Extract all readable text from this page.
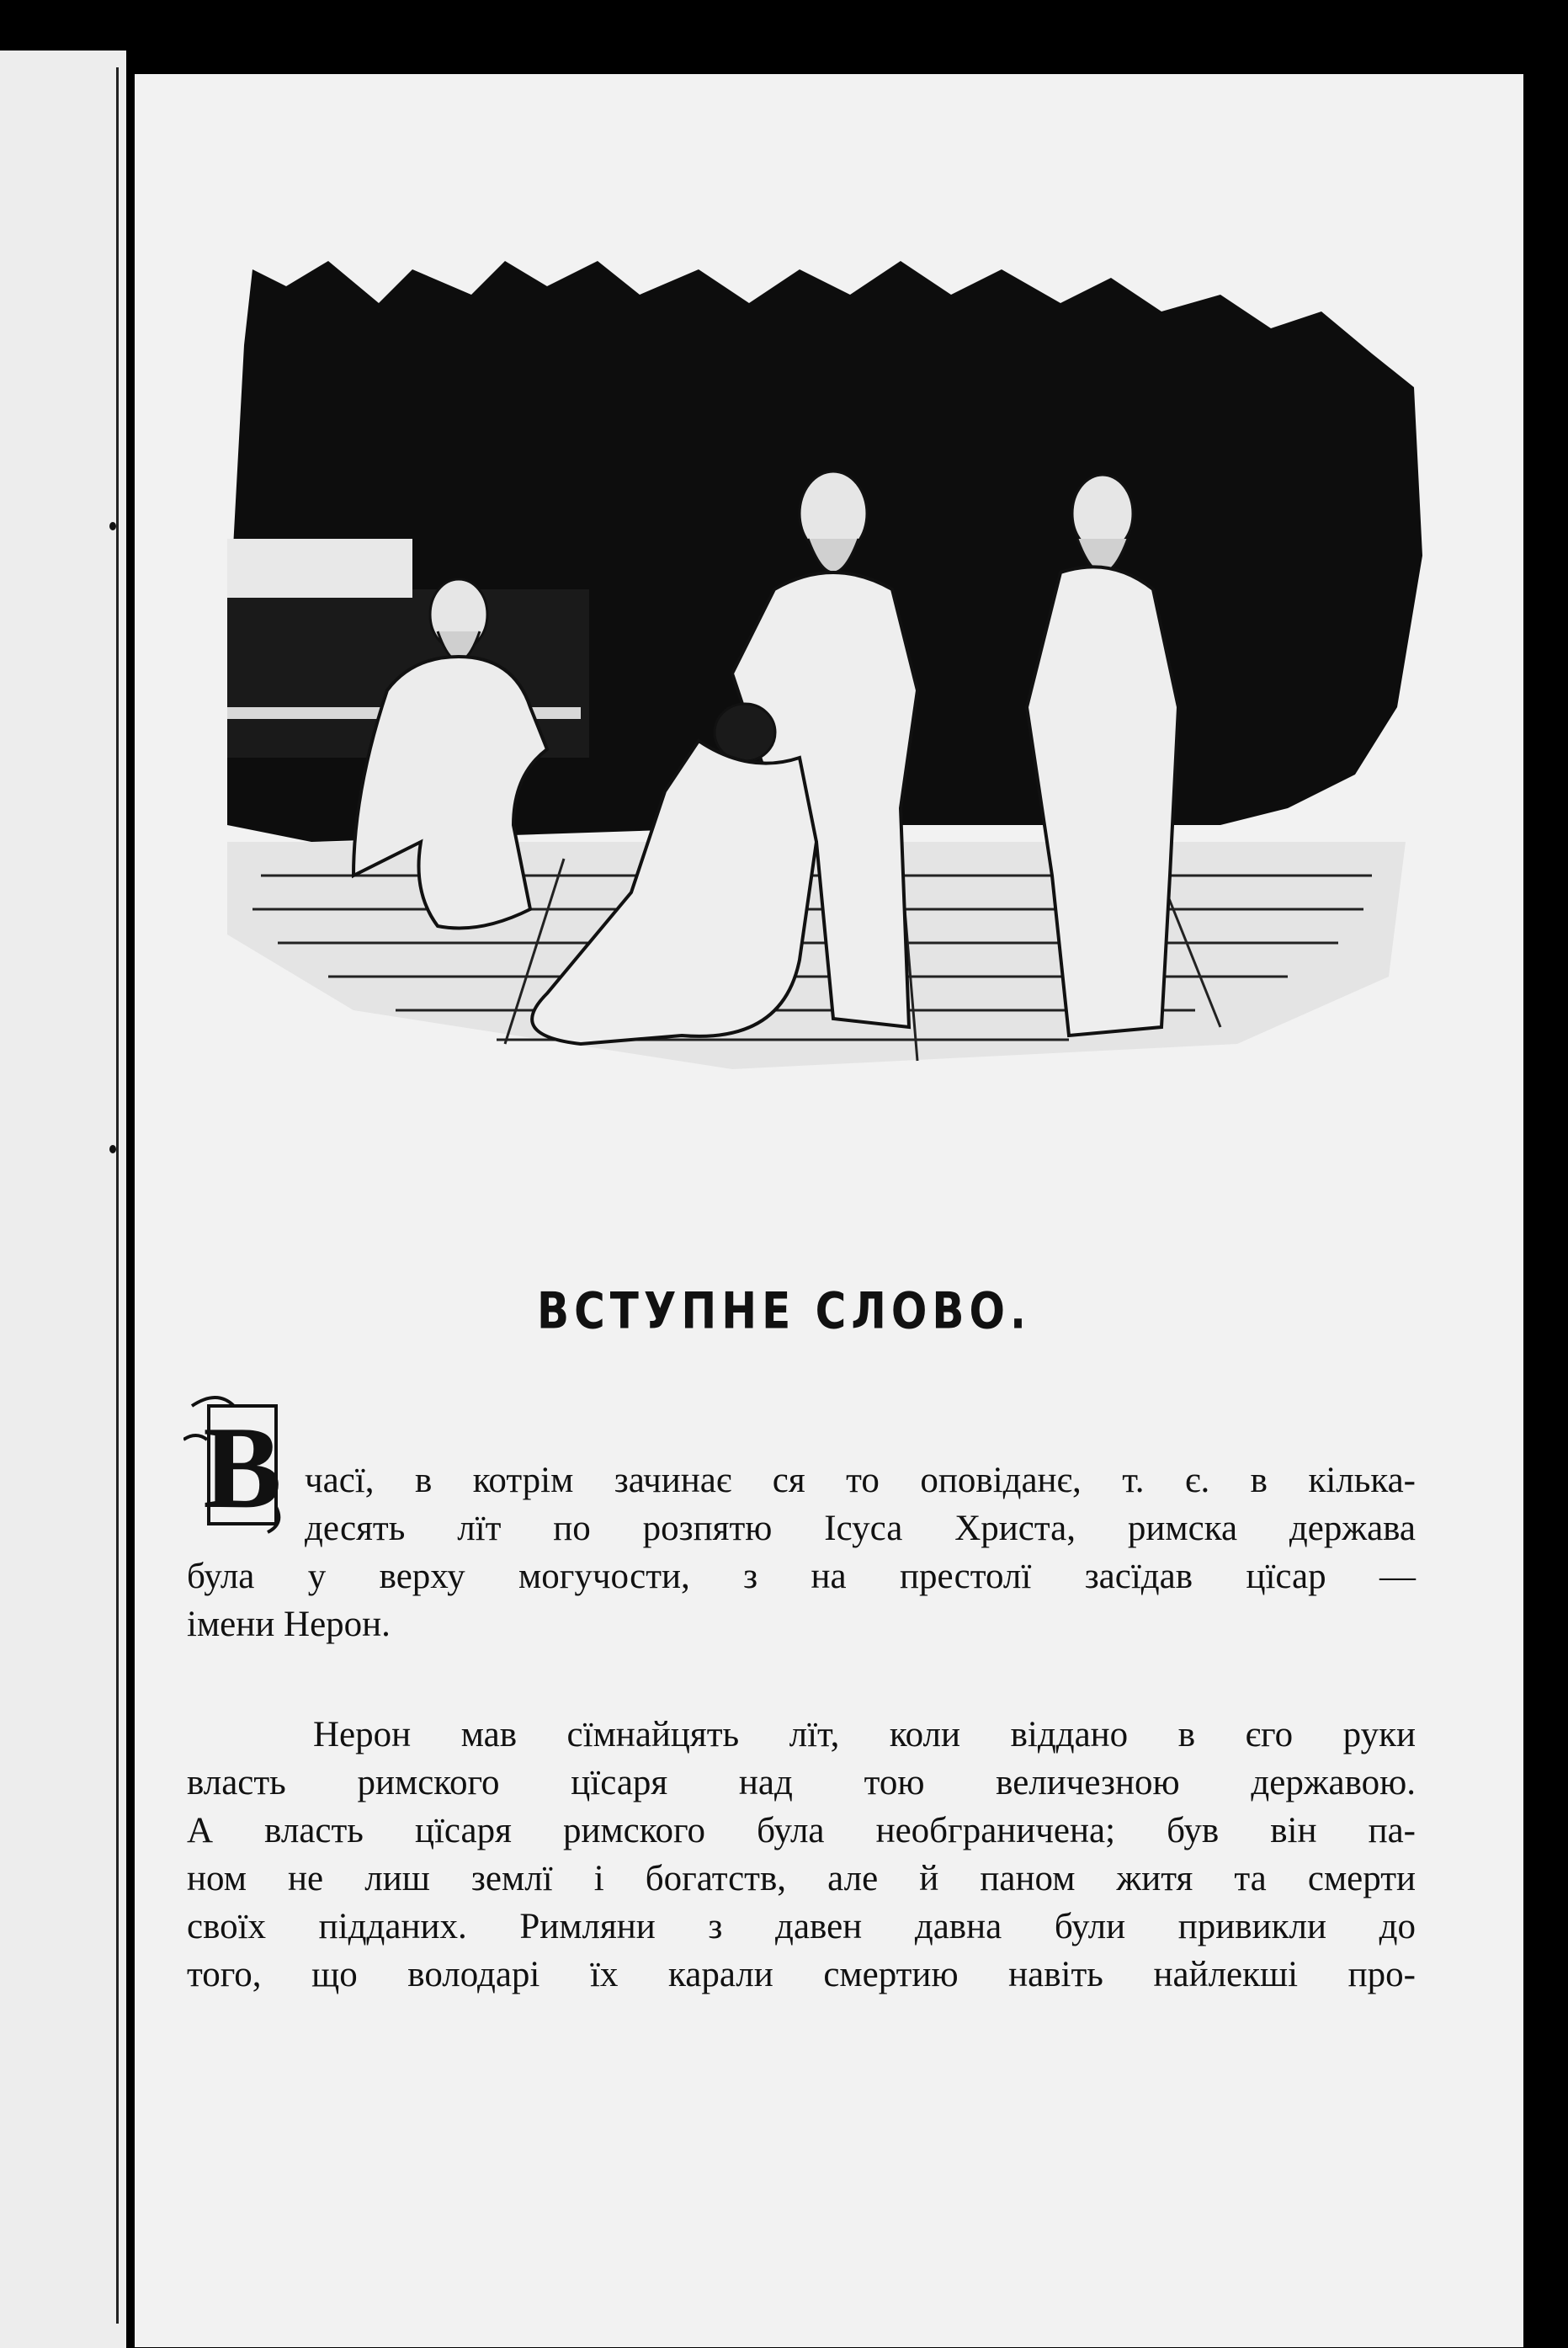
ВСТУПНЕ СЛОВО.
В часї, в котрім зачинає ся то оповіданє, т. є. в кілька-
десять лїт по розпятю Ісуса Христа, римска держава
була у верху могучости, з на престолї засїдав цїсар —
імени Нерон.
Нерон мав сїмнайцять лїт, коли віддано в єго руки
власть римского цїсаря над тою величезною державою.
А власть цїсаря римского була необграничена; був він па-
ном не лиш землї і богатств, але й паном житя та смерти
своїх пiдданих. Римляни з давен давна були привикли до
того, що володарі їх карали смертию навіть найлекші про-
